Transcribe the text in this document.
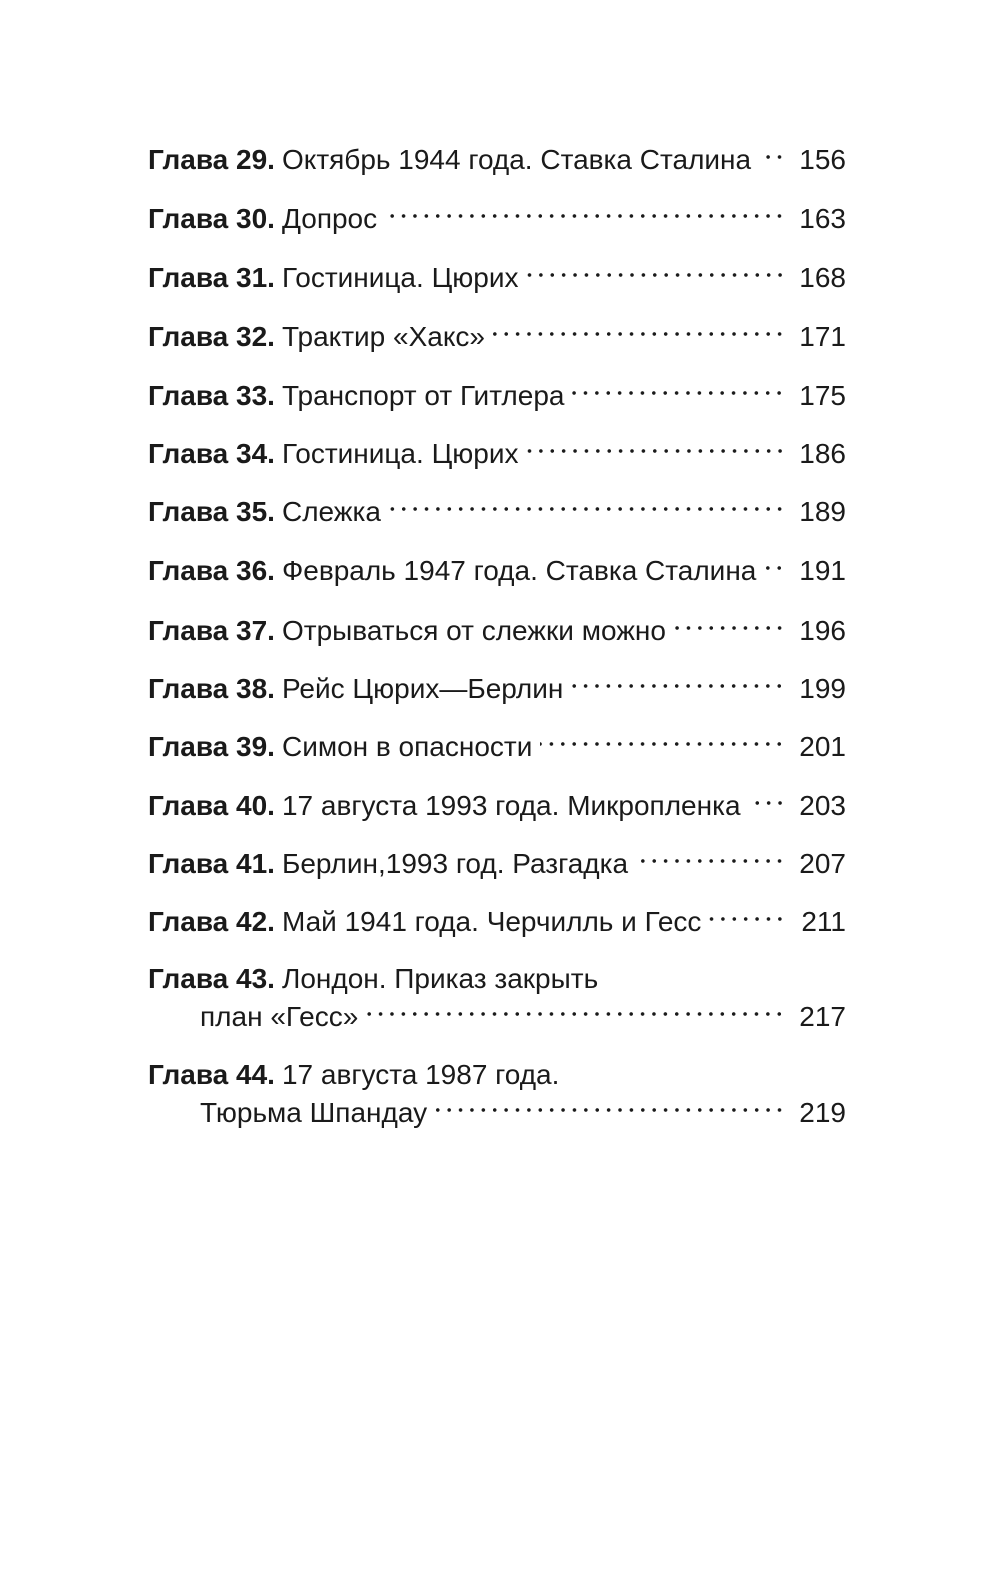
Глава 29. Октябрь 1944 года. Ставка Сталина 156
Глава 30. Допрос	163
Глава 31. Гостиница. Цюрих	168
Глава 32. Трактир «Хакс»	171
Глава 33. Транспорт от Гитлера	175
Глава 34. Гостиница. Цюрих	186
Глава 35. Слежка	189
Глава 36. Февраль 1947 года. Ставка Сталина 191
Глава 37. Отрываться от слежки можно	196
Глава 38. Рейс Цюрих—Берлин	199
Глава 39. Симон в опасности	201
Глава 40. 17 августа 1993 года. Микропленка 203
Глава 41. Берлин,1993 год. Разгадка	207
Глава 42. Май 1941 года. Черчилль и Гесс	211
Глава 43. Лондон. Приказ закрыть
план «Гесс»	217
Глава 44. 17 августа 1987 года.
Тюрьма Шпандау	219
